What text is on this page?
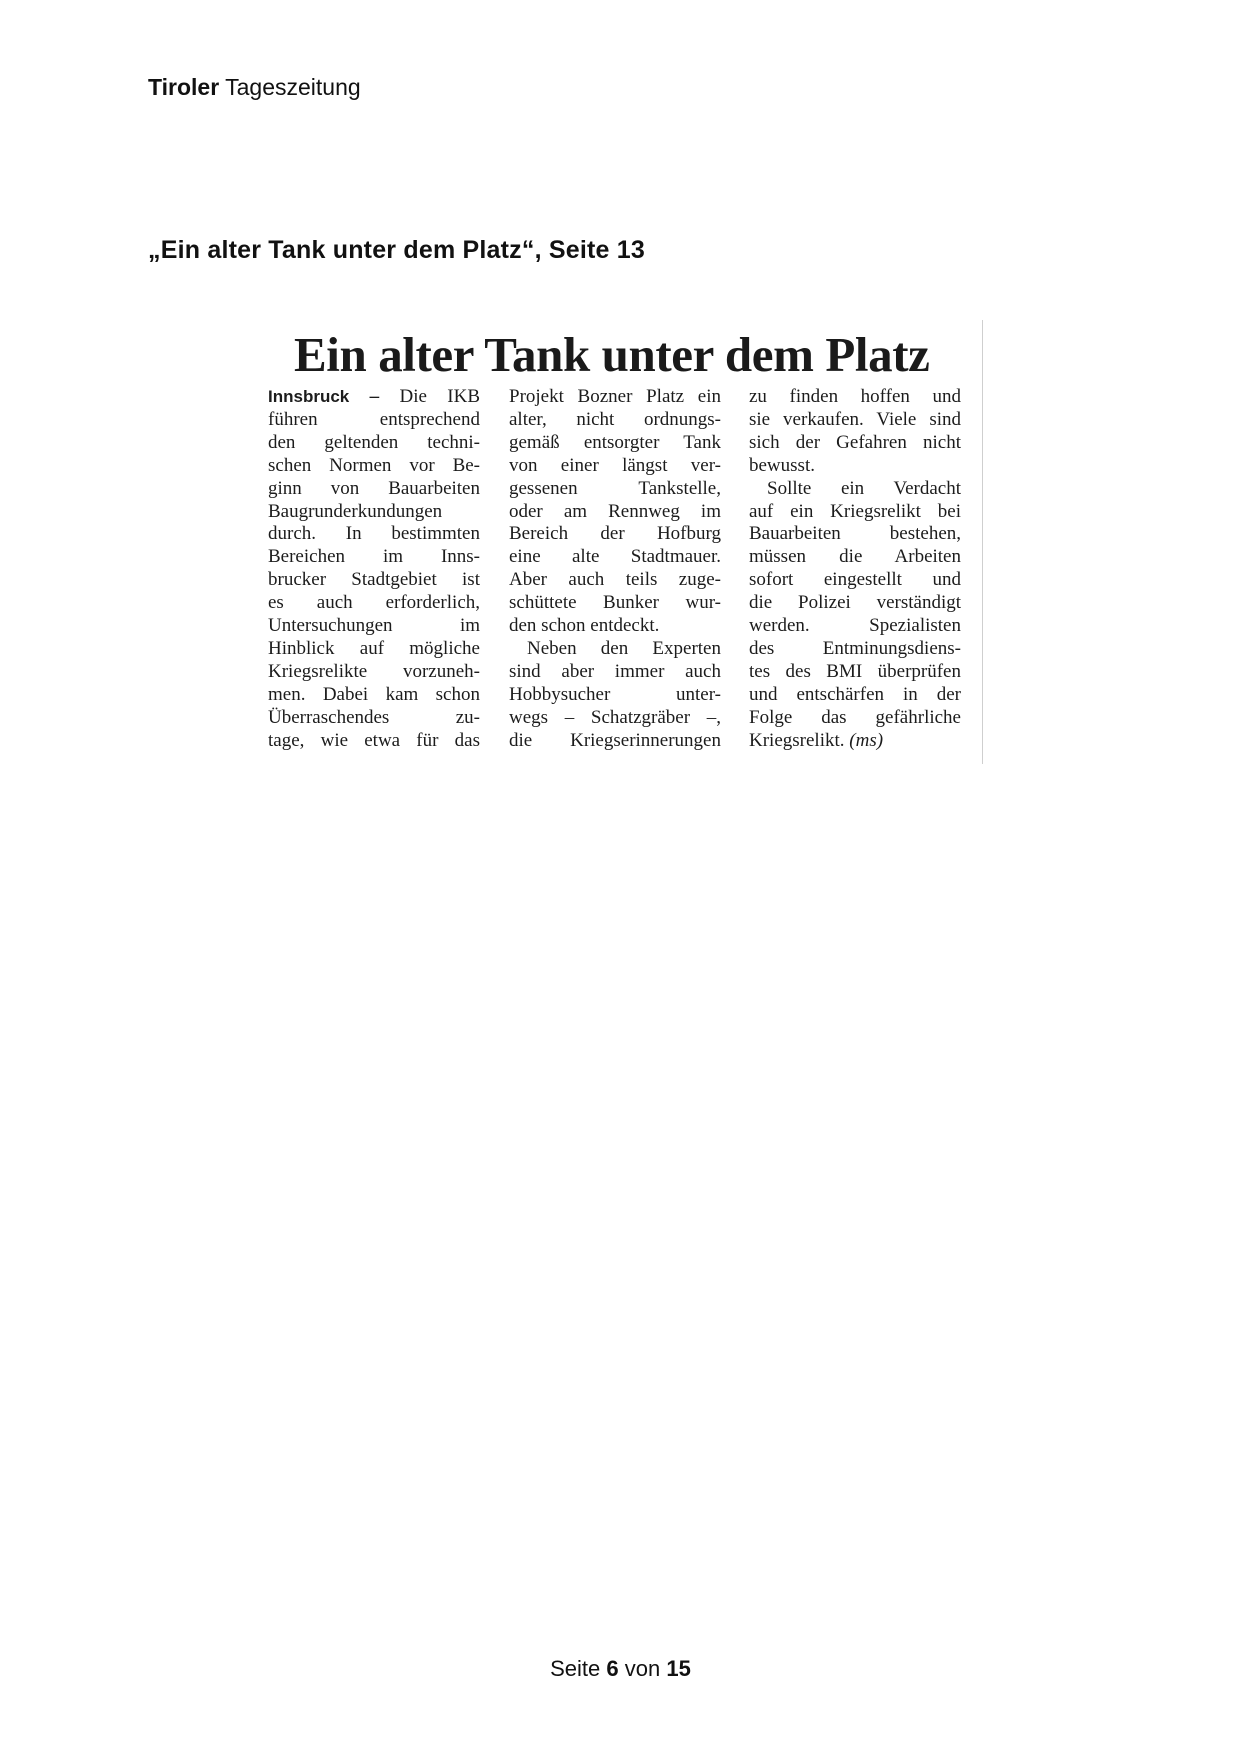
Tiroler Tageszeitung
„Ein alter Tank unter dem Platz“, Seite 13
Ein alter Tank unter dem Platz
Innsbruck – Die IKB
führen entsprechend
den geltenden techni-
schen Normen vor Be-
ginn von Bauarbeiten
Baugrunderkundungen
durch. In bestimmten
Bereichen im Inns-
brucker Stadtgebiet ist
es auch erforderlich,
Untersuchungen im
Hinblick auf mögliche
Kriegsrelikte vorzuneh-
men. Dabei kam schon
Überraschendes zu-
tage, wie etwa für das
Projekt Bozner Platz ein
alter, nicht ordnungs-
gemäß entsorgter Tank
von einer längst ver-
gessenen Tankstelle,
oder am Rennweg im
Bereich der Hofburg
eine alte Stadtmauer.
Aber auch teils zuge-
schüttete Bunker wur-
den schon entdeckt.
Neben den Experten
sind aber immer auch
Hobbysucher unter-
wegs – Schatzgräber –,
die Kriegserinnerungen
zu finden hoffen und
sie verkaufen. Viele sind
sich der Gefahren nicht
bewusst.
Sollte ein Verdacht
auf ein Kriegsrelikt bei
Bauarbeiten bestehen,
müssen die Arbeiten
sofort eingestellt und
die Polizei verständigt
werden. Spezialisten
des Entminungsdiens-
tes des BMI überprüfen
und entschärfen in der
Folge das gefährliche
Kriegsrelikt. (ms)
Seite 6 von 15
